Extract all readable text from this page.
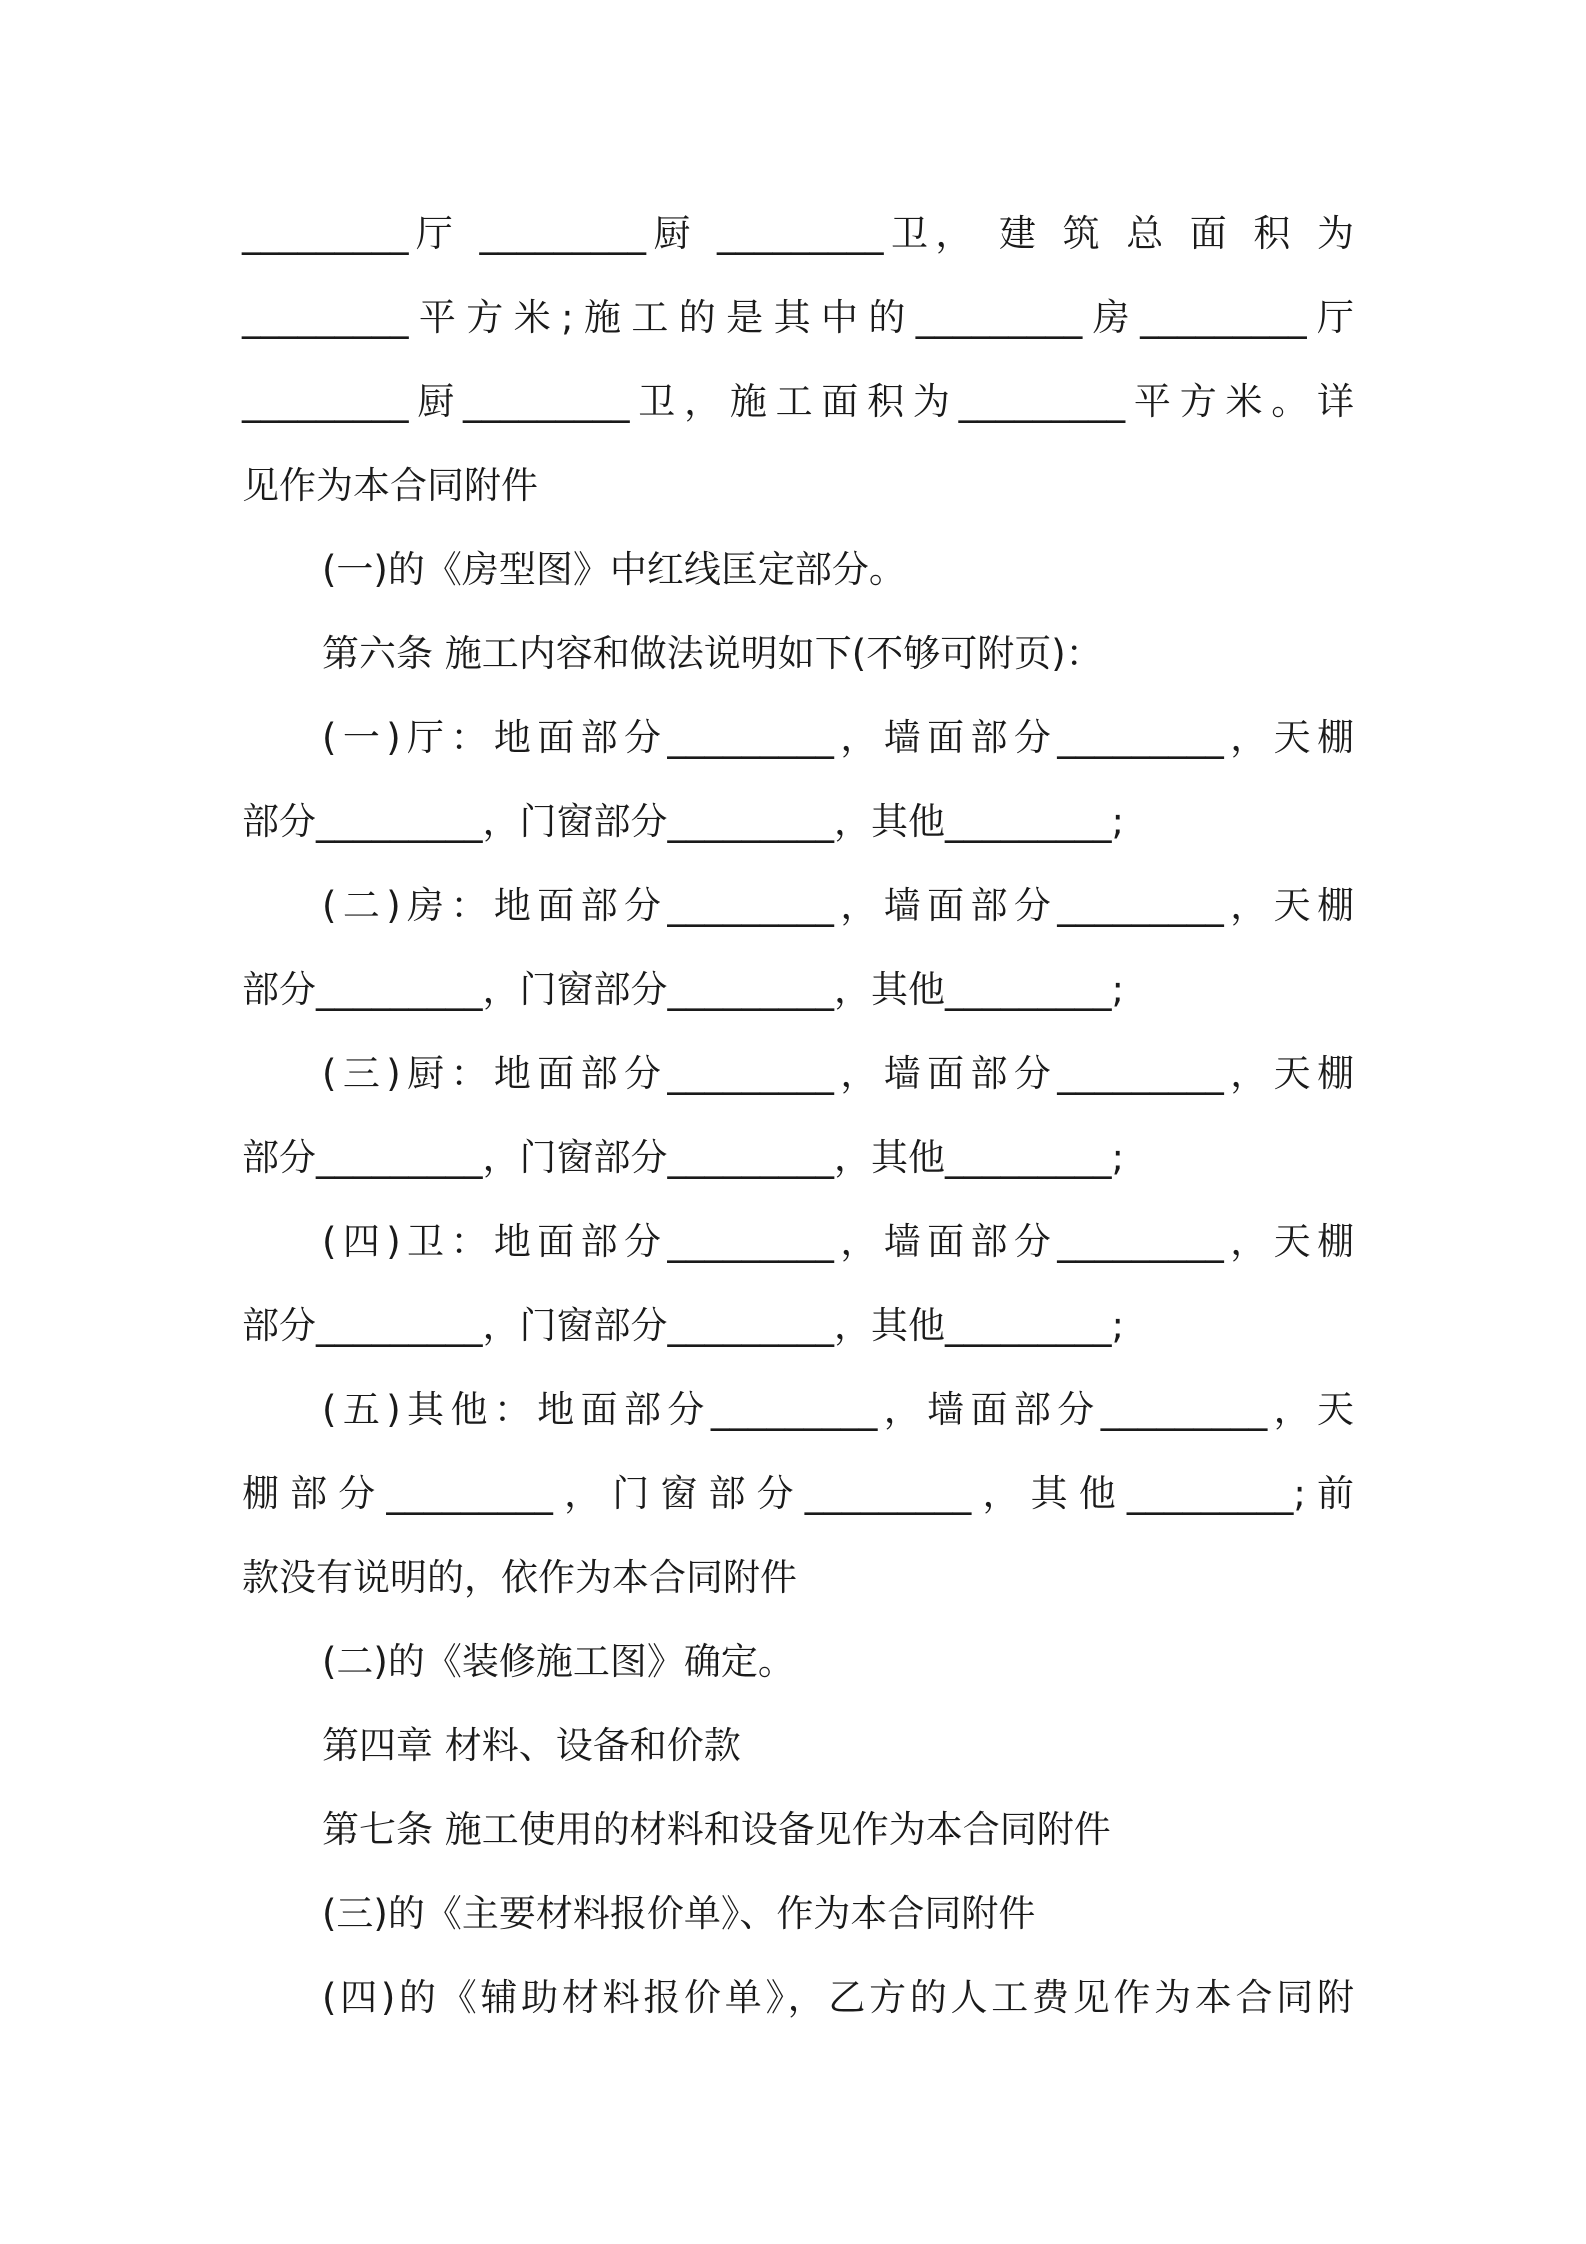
_________厅 _________厨 _________卫， 建 筑 总 面 积 为
_________平方米;施工的是其中的_________房_________厅
_________厨_________卫，施工面积为_________平方米。详
见作为本合同附件
(一)的《房型图》中红线匡定部分。
第六条 施工内容和做法说明如下(不够可附页)：
(一)厅：地面部分_________，墙面部分_________，天棚
部分_________，门窗部分_________，其他_________;
(二)房：地面部分_________，墙面部分_________，天棚
部分_________，门窗部分_________，其他_________;
(三)厨：地面部分_________，墙面部分_________，天棚
部分_________，门窗部分_________，其他_________;
(四)卫：地面部分_________，墙面部分_________，天棚
部分_________，门窗部分_________，其他_________;
(五)其他：地面部分_________，墙面部分_________，天
棚部分_________，门窗部分_________，其他_________;前
款没有说明的，依作为本合同附件
(二)的《装修施工图》确定。
第四章 材料、设备和价款
第七条 施工使用的材料和设备见作为本合同附件
(三)的《主要材料报价单》、作为本合同附件
(四)的《辅助材料报价单》，乙方的人工费见作为本合同附
